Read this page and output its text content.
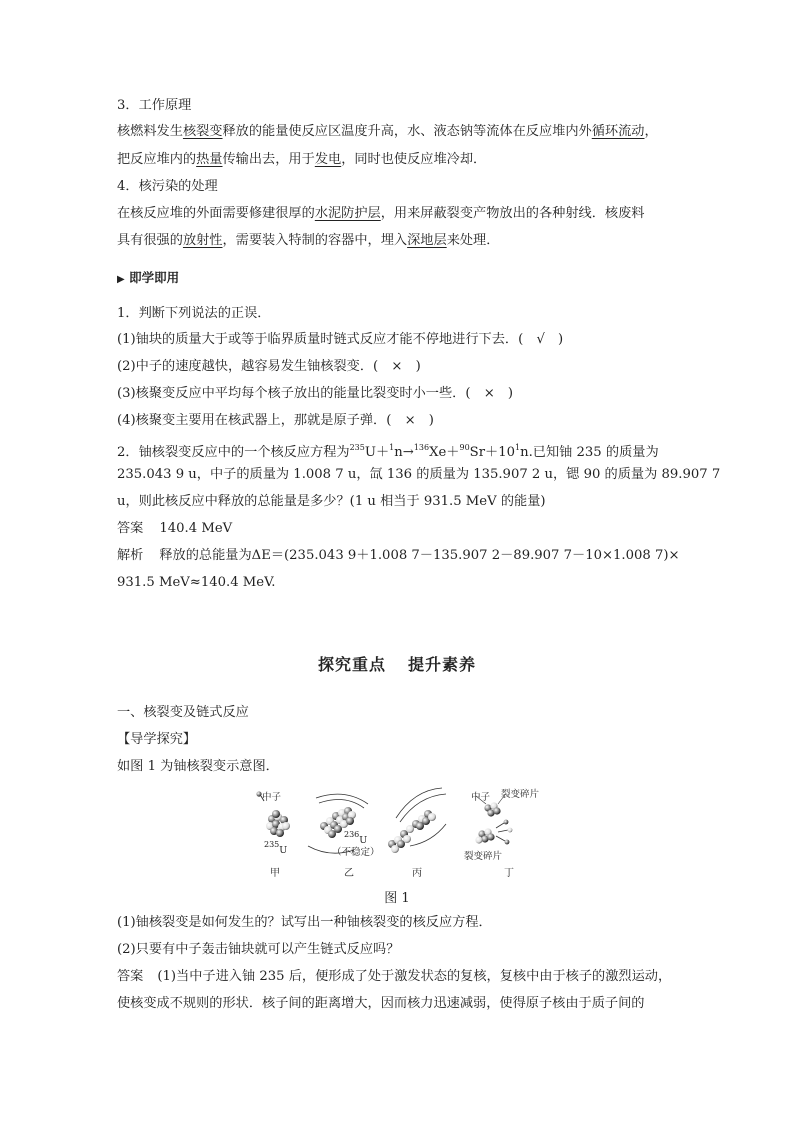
3．工作原理
核燃料发生核裂变释放的能量使反应区温度升高，水、液态钠等流体在反应堆内外循环流动，
把反应堆内的热量传输出去，用于发电，同时也使反应堆冷却．
4．核污染的处理
在核反应堆的外面需要修建很厚的水泥防护层，用来屏蔽裂变产物放出的各种射线．核废料
具有很强的放射性，需要装入特制的容器中，埋入深地层来处理．
▶ 即学即用
1．判断下列说法的正误．
(1)铀块的质量大于或等于临界质量时链式反应才能不停地进行下去．(　√　)
(2)中子的速度越快，越容易发生铀核裂变．(　×　)
(3)核聚变反应中平均每个核子放出的能量比裂变时小一些．(　×　)
(4)核聚变主要用在核武器上，那就是原子弹．(　×　)
2．铀核裂变反应中的一个核反应方程为$^{235}U+^1n\to^{136}Xe+^{90}Sr+10^1n$.已知铀 235 的质量为
235.043 9 u，中子的质量为 1.008 7 u，氙 136 的质量为 135.907 2 u，锶 90 的质量为 89.907 7
u，则此核反应中释放的总能量是多少？(1 u 相当于 931.5 MeV 的能量)
答案 140.4 MeV
解析 释放的总能量为ΔE＝(235.043 9＋1.008 7－135.907 2－89.907 7－10×1.008 7)×
931.5 MeV≈140.4 MeV.
探究重点 提升素养
一、核裂变及链式反应
【导学探究】
如图 1 为铀核裂变示意图．
中子
$^{235}$U
$^{236}$U
（不稳定）
中子 裂变碎片
裂变碎片
甲	乙	丙	丁
图 1
(1)铀核裂变是如何发生的？试写出一种铀核裂变的核反应方程．
(2)只要有中子轰击铀块就可以产生链式反应吗？
答案 (1)当中子进入铀 235 后，便形成了处于激发状态的复核，复核中由于核子的激烈运动，
使核变成不规则的形状．核子间的距离增大，因而核力迅速减弱，使得原子核由于质子间的
